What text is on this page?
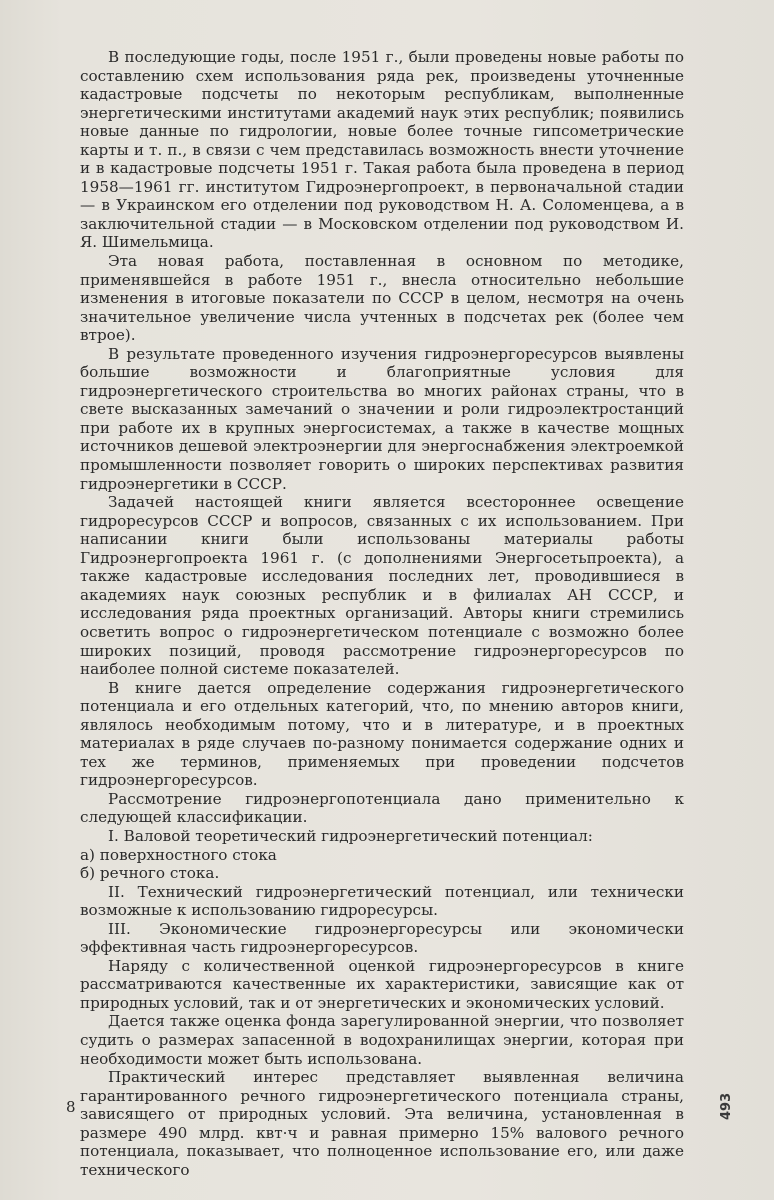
В последующие годы, после 1951 г., были проведены новые работы по составлению схем использования ряда рек, произведены уточненные кадастровые подсчеты по некоторым республикам, выполненные энергетическими институтами академий наук этих республик; появились новые данные по гидрологии, новые более точные гипсометрические карты и т. п., в связи с чем представилась возможность внести уточнение и в кадастровые подсчеты 1951 г. Такая работа была проведена в период 1958—1961 гг. институтом Гидроэнергопроект, в первоначальной стадии — в Украинском его отделении под руководством Н. А. Соломенцева, а в заключительной стадии — в Московском отделении под руководством И. Я. Шимельмица.

Эта новая работа, поставленная в основном по методике, применявшейся в работе 1951 г., внесла относительно небольшие изменения в итоговые показатели по СССР в целом, несмотря на очень значительное увеличение числа учтенных в подсчетах рек (более чем втрое).

В результате проведенного изучения гидроэнергоресурсов выявлены большие возможности и благоприятные условия для гидроэнергетического строительства во многих районах страны, что в свете высказанных замечаний о значении и роли гидроэлектростанций при работе их в крупных энергосистемах, а также в качестве мощных источников дешевой электроэнергии для энергоснабжения электроемкой промышленности позволяет говорить о широких перспективах развития гидроэнергетики в СССР.

Задачей настоящей книги является всестороннее освещение гидроресурсов СССР и вопросов, связанных с их использованием. При написании книги были использованы материалы работы Гидроэнергопроекта 1961 г. (с дополнениями Энергосетьпроекта), а также кадастровые исследования последних лет, проводившиеся в академиях наук союзных республик и в филиалах АН СССР, и исследования ряда проектных организаций. Авторы книги стремились осветить вопрос о гидроэнергетическом потенциале с возможно более широких позиций, проводя рассмотрение гидроэнергоресурсов по наиболее полной системе показателей.

В книге дается определение содержания гидроэнергетического потенциала и его отдельных категорий, что, по мнению авторов книги, являлось необходимым потому, что и в литературе, и в проектных материалах в ряде случаев по-разному понимается содержание одних и тех же терминов, применяемых при проведении подсчетов гидроэнергоресурсов.

Рассмотрение гидроэнергопотенциала дано применительно к следующей классификации.

I. Валовой теоретический гидроэнергетический потенциал:

а) поверхностного стока

б) речного стока.

II. Технический гидроэнергетический потенциал, или технически возможные к использованию гидроресурсы.

III. Экономические гидроэнергоресурсы или экономически эффективная часть гидроэнергоресурсов.

Наряду с количественной оценкой гидроэнергоресурсов в книге рассматриваются качественные их характеристики, зависящие как от природных условий, так и от энергетических и экономических условий.

Дается также оценка фонда зарегулированной энергии, что позволяет судить о размерах запасенной в водохранилищах энергии, которая при необходимости может быть использована.

Практический интерес представляет выявленная величина гарантированного речного гидроэнергетического потенциала страны, зависящего от природных условий. Эта величина, установленная в размере 490 млрд. квт·ч и равная примерно 15% валового речного потенциала, показывает, что полноценное использование его, или даже технического

8	493
